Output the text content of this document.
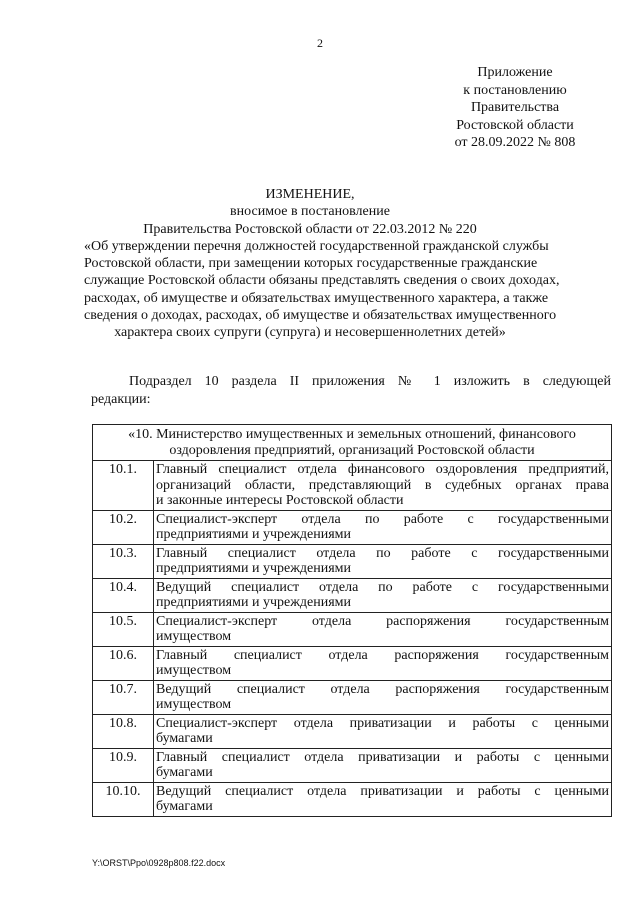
2
Приложение
к постановлению
Правительства
Ростовской области
от 28.09.2022 № 808
ИЗМЕНЕНИЕ,
вносимое в постановление
Правительства Ростовской области от 22.03.2012 № 220
«Об утверждении перечня должностей государственной гражданской службы
Ростовской области, при замещении которых государственные гражданские
служащие Ростовской области обязаны представлять сведения о своих доходах,
расходах, об имуществе и обязательствах имущественного характера, а также
сведения о доходах, расходах, об имуществе и обязательствах имущественного
характера своих супруги (супруга) и несовершеннолетних детей»
Подраздел 10 раздела II приложения № 1 изложить в следующей
редакции:
«10. Министерство имущественных и земельных отношений, финансового
оздоровления предприятий, организаций Ростовской области	

10.1.	Главный специалист отдела финансового оздоровления предприятий,
организаций области, представляющий в судебных органах права
и законные интересы Ростовской области

10.2.	Специалист-эксперт отдела по работе с государственными
предприятиями и учреждениями

10.3.	Главный специалист отдела по работе с государственными
предприятиями и учреждениями

10.4.	Ведущий специалист отдела по работе с государственными
предприятиями и учреждениями

10.5.	Специалист-эксперт отдела распоряжения государственным
имуществом

10.6.	Главный специалист отдела распоряжения государственным
имуществом

10.7.	Ведущий специалист отдела распоряжения государственным
имуществом

10.8.	Специалист-эксперт отдела приватизации и работы с ценными
бумагами

10.9.	Главный специалист отдела приватизации и работы с ценными
бумагами

10.10.	Ведущий специалист отдела приватизации и работы с ценными
бумагами
Y:\ORST\Ppo\0928p808.f22.docx
